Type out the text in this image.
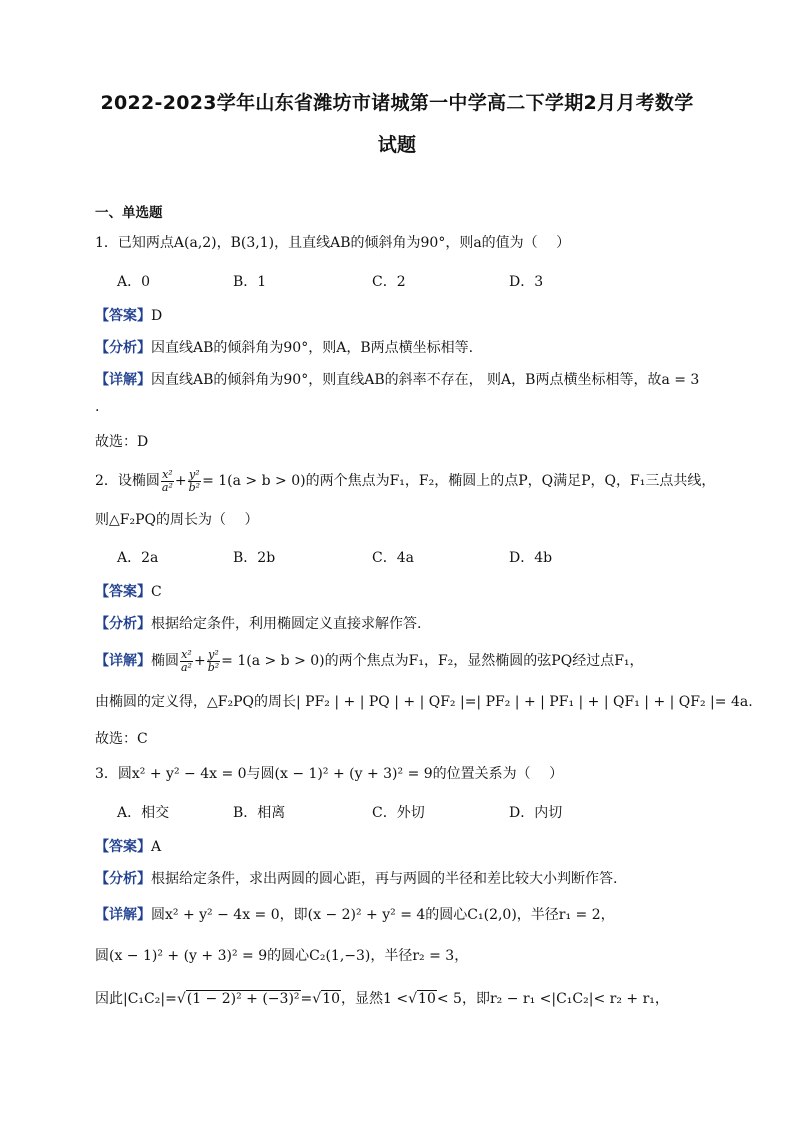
2022-2023学年山东省潍坊市诸城第一中学高二下学期2月月考数学
试题
一、单选题
1．已知两点A(a,2)，B(3,1)，且直线AB的倾斜角为90°，则a的值为（　 ）
A．0	B．1	C．2	D．3
【答案】D
【分析】因直线AB的倾斜角为90°，则A，B两点横坐标相等.
【详解】因直线AB的倾斜角为90°，则直线AB的斜率不存在， 则A，B两点横坐标相等，故a = 3
.
故选：D
2．设椭圆 $\frac{\text{x²}}{\text{a²}} + \frac{\text{y²}}{\text{b²}} = 1(a > b > 0)$的两个焦点为F₁，F₂，椭圆上的点P，Q满足P，Q，F₁三点共线，
则△F₂PQ的周长为（　 ）
A．2a	B．2b	C．4a	D．4b
【答案】C
【分析】根据给定条件，利用椭圆定义直接求解作答.
【详解】椭圆 $\frac{\text{x²}}{\text{a²}} + \frac{\text{y²}}{\text{b²}} = 1(a > b > 0)$的两个焦点为F₁，F₂，显然椭圆的弦PQ经过点F₁，
由椭圆的定义得，△F₂PQ的周长| PF₂ | + | PQ | + | QF₂ |=| PF₂ | + | PF₁ | + | QF₁ | + | QF₂ |= 4a.
故选：C
3．圆x² + y² − 4x = 0与圆(x − 1)² + (y + 3)² = 9的位置关系为（　 ）
A．相交	B．相离	C．外切	D．内切
【答案】A
【分析】根据给定条件，求出两圆的圆心距，再与两圆的半径和差比较大小判断作答.
【详解】圆x² + y² − 4x = 0，即(x − 2)² + y² = 4的圆心C₁(2,0)，半径r₁ = 2，
圆(x − 1)² + (y + 3)² = 9的圆心C₂(1,−3)，半径r₂ = 3，
因此|C₁C₂|=√(1 − 2)² + (−3)²=√10，显然1 <√10< 5，即r₂ − r₁ <|C₁C₂|< r₂ + r₁，
